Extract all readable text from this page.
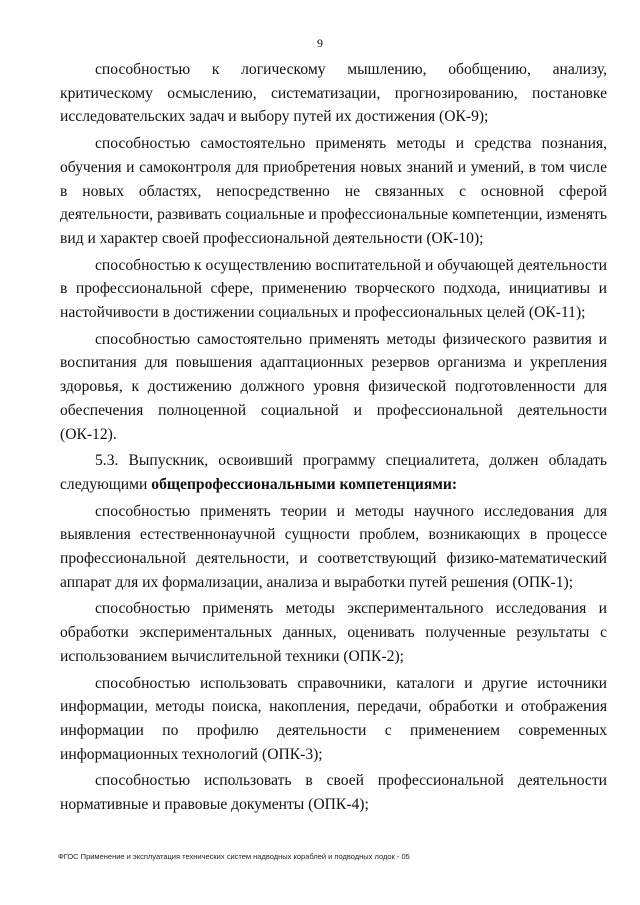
9

способностью к логическому мышлению, обобщению, анализу, критическому осмыслению, систематизации, прогнозированию, постановке исследовательских задач и выбору путей их достижения (ОК-9);

способностью самостоятельно применять методы и средства познания, обучения и самоконтроля для приобретения новых знаний и умений, в том числе в новых областях, непосредственно не связанных с основной сферой деятельности, развивать социальные и профессиональные компетенции, изменять вид и характер своей профессиональной деятельности (ОК-10);

способностью к осуществлению воспитательной и обучающей деятельности в профессиональной сфере, применению творческого подхода, инициативы и настойчивости в достижении социальных и профессиональных целей (ОК-11);

способностью самостоятельно применять методы физического развития и воспитания для повышения адаптационных резервов организма и укрепления здоровья, к достижению должного уровня физической подготовленности для обеспечения полноценной социальной и профессиональной деятельности (ОК-12).

5.3. Выпускник, освоивший программу специалитета, должен обладать следующими общепрофессиональными компетенциями:

способностью применять теории и методы научного исследования для выявления естественнонаучной сущности проблем, возникающих в процессе профессиональной деятельности, и соответствующий физико-математический аппарат для их формализации, анализа и выработки путей решения (ОПК-1);

способностью применять методы экспериментального исследования и обработки экспериментальных данных, оценивать полученные результаты с использованием вычислительной техники (ОПК-2);

способностью использовать справочники, каталоги и другие источники информации, методы поиска, накопления, передачи, обработки и отображения информации по профилю деятельности с применением современных информационных технологий (ОПК-3);

способностью использовать в своей профессиональной деятельности нормативные и правовые документы (ОПК-4);

ФГОС Применение и эксплуатация технических систем надводных кораблей и подводных лодок - 05
